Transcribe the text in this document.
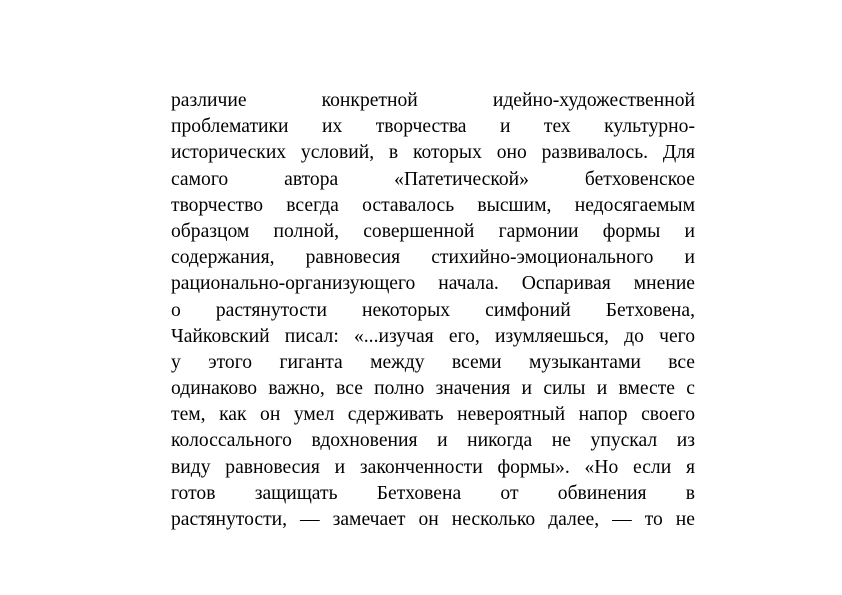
различие конкретной идейно-художественной
проблематики их творчества и тех культурно-
исторических условий, в которых оно развивалось. Для
самого автора «Патетической» бетховенское
творчество всегда оставалось высшим, недосягаемым
образцом полной, совершенной гармонии формы и
содержания, равновесия стихийно-эмоционального и
рационально-организующего начала. Оспаривая мнение
о растянутости некоторых симфоний Бетховена,
Чайковский писал: «...изучая его, изумляешься, до чего
у этого гиганта между всеми музыкантами все
одинаково важно, все полно значения и силы и вместе с
тем, как он умел сдерживать невероятный напор своего
колоссального вдохновения и никогда не упускал из
виду равновесия и законченности формы». «Но если я
готов защищать Бетховена от обвинения в
растянутости, — замечает он несколько далее, — то не
